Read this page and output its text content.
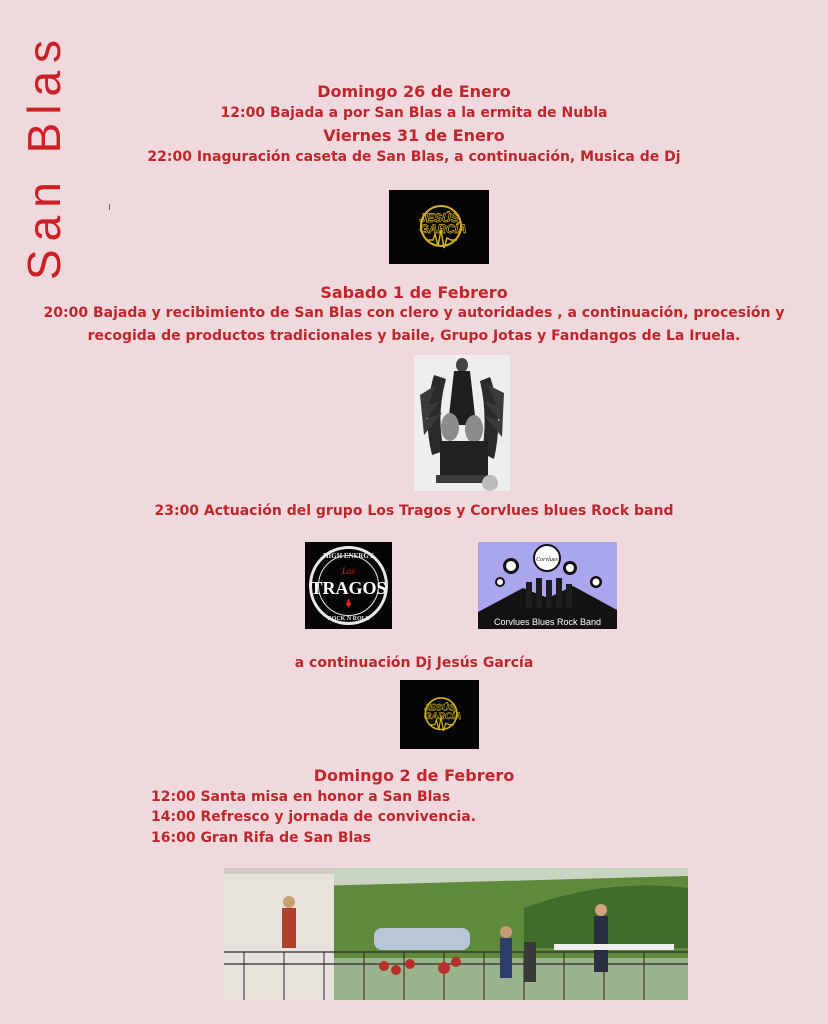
San Blas	Domingo 26 de Enero
12:00 Bajada a por San Blas a la ermita de Nubla
Viernes 31 de Enero
22:00 Inaguración caseta de San Blas, a continuación, Musica de Dj
JESÚS
GARCÍA
Sabado 1 de Febrero
20:00 Bajada y recibimiento de San Blas con clero y autoridades , a continuación, procesión y
recogida de productos tradicionales y baile, Grupo Jotas y Fandangos de La Iruela.
23:00 Actuación del grupo Los Tragos y Corvlues blues Rock band
HIGH ENERGY
Los
TRAGOS
ROCK N ROLL
Corvlues
Corvlues Blues Rock Band
a continuación Dj Jesús García
JESÚS
GARCÍA
Domingo 2 de Febrero
12:00 Santa misa en honor a San Blas
14:00 Refresco y jornada de convivencia.
16:00 Gran Rifa de San Blas
